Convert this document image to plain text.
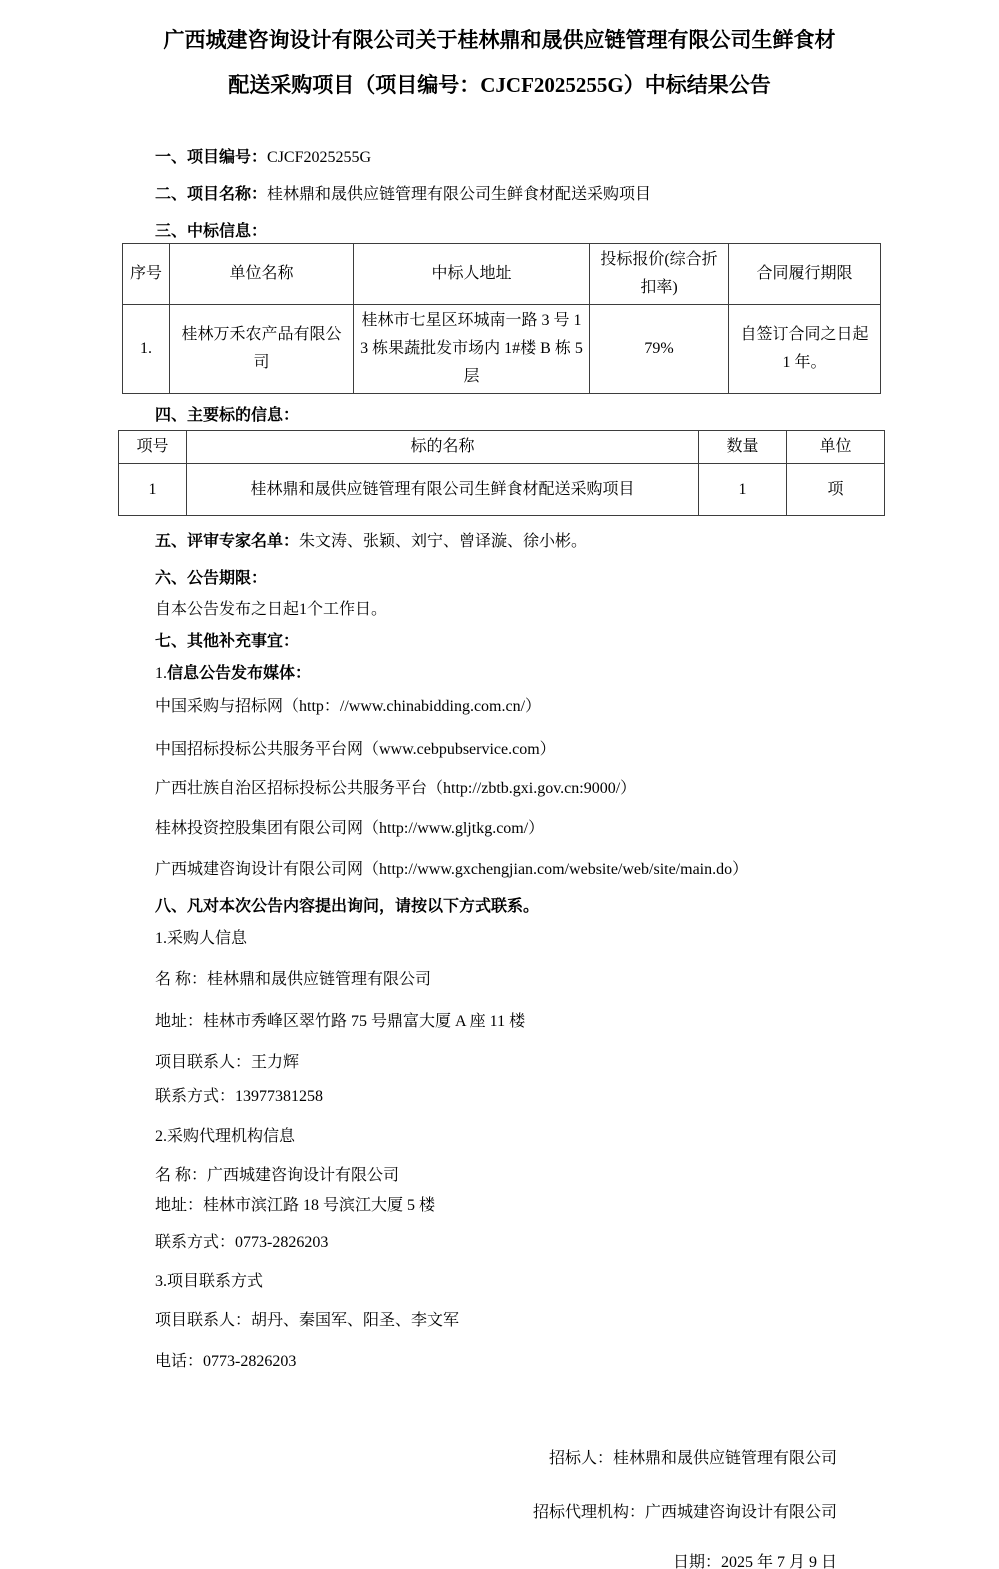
广西城建咨询设计有限公司关于桂林鼎和晟供应链管理有限公司生鲜食材
配送采购项目（项目编号：CJCF2025255G）中标结果公告
一、项目编号：CJCF2025255G
二、项目名称：桂林鼎和晟供应链管理有限公司生鲜食材配送采购项目
三、中标信息：
序号	单位名称	中标人地址	投标报价(综合折扣率)	合同履行期限
1.	桂林万禾农产品有限公司	桂林市七星区环城南一路 3 号 13 栋果蔬批发市场内 1#楼 B 栋 5 层	79%	自签订合同之日起 1 年。
四、主要标的信息：
项号	标的名称	数量	单位
1	桂林鼎和晟供应链管理有限公司生鲜食材配送采购项目	1	项
五、评审专家名单：朱文涛、张颖、刘宁、曾译漩、徐小彬。
六、公告期限：
自本公告发布之日起1个工作日。
七、其他补充事宜：
1.信息公告发布媒体：
中国采购与招标网（http：//www.chinabidding.com.cn/）
中国招标投标公共服务平台网（www.cebpubservice.com）
广西壮族自治区招标投标公共服务平台（http://zbtb.gxi.gov.cn:9000/）
桂林投资控股集团有限公司网（http://www.gljtkg.com/）
广西城建咨询设计有限公司网（http://www.gxchengjian.com/website/web/site/main.do）
八、凡对本次公告内容提出询问，请按以下方式联系。
1.采购人信息
名 称：桂林鼎和晟供应链管理有限公司
地址：桂林市秀峰区翠竹路 75 号鼎富大厦 A 座 11 楼
项目联系人：王力辉
联系方式：13977381258
2.采购代理机构信息
名 称：广西城建咨询设计有限公司
地址：桂林市滨江路 18 号滨江大厦 5 楼
联系方式：0773-2826203
3.项目联系方式
项目联系人：胡丹、秦国军、阳圣、李文军
电话：0773-2826203
招标人：桂林鼎和晟供应链管理有限公司
招标代理机构：广西城建咨询设计有限公司
日期：2025 年 7 月 9 日
